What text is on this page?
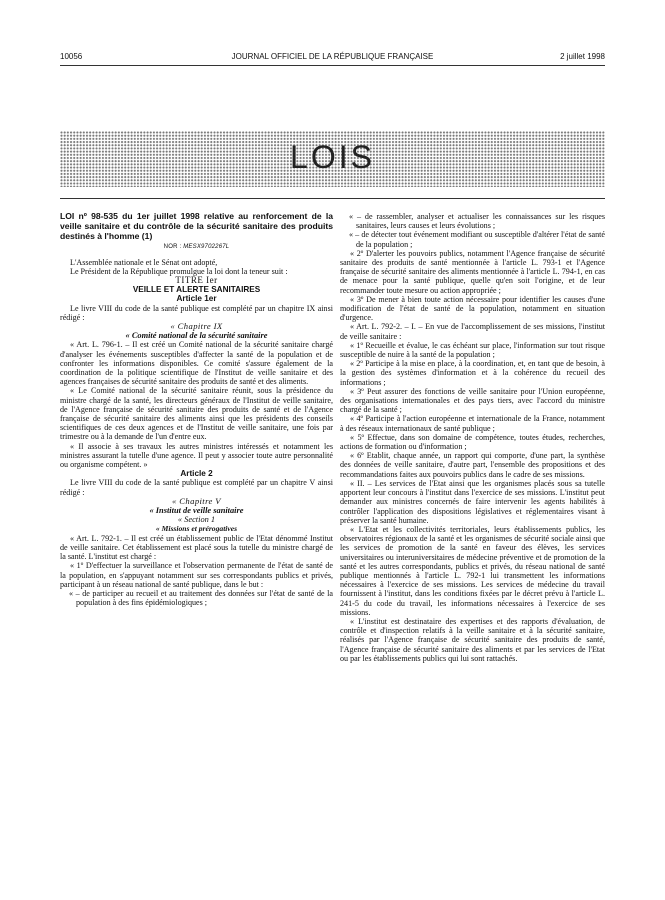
10056	JOURNAL OFFICIEL DE LA RÉPUBLIQUE FRANÇAISE	2 juillet 1998
LOIS

LOI nº 98-535 du 1er juillet 1998 relative au renforcement de la veille sanitaire et du contrôle de la sécurité sanitaire des produits destinés à l'homme (1)

NOR : MESX9702267L

L'Assemblée nationale et le Sénat ont adopté,

Le Président de la République promulgue la loi dont la teneur suit :

TITRE Ier

VEILLE ET ALERTE SANITAIRES

Article 1er

Le livre VIII du code de la santé publique est complété par un chapitre IX ainsi rédigé :

« Chapitre IX

« Comité national de la sécurité sanitaire

« Art. L. 796-1. – Il est créé un Comité national de la sécurité sanitaire chargé d'analyser les événements susceptibles d'affecter la santé de la population et de confronter les informations disponibles. Ce comité s'assure également de la coordination de la politique scientifique de l'Institut de veille sanitaire et des agences françaises de sécurité sanitaire des produits de santé et des aliments.

« Le Comité national de la sécurité sanitaire réunit, sous la présidence du ministre chargé de la santé, les directeurs généraux de l'Institut de veille sanitaire, de l'Agence française de sécurité sanitaire des produits de santé et de l'Agence française de sécurité sanitaire des aliments ainsi que les présidents des conseils scientifiques de ces deux agences et de l'Institut de veille sanitaire, une fois par trimestre ou à la demande de l'un d'entre eux.

« Il associe à ses travaux les autres ministres intéressés et notamment les ministres assurant la tutelle d'une agence. Il peut y associer toute autre personnalité ou organisme compétent. »

Article 2

Le livre VIII du code de la santé publique est complété par un chapitre V ainsi rédigé :

« Chapitre V

« Institut de veille sanitaire

« Section 1

« Missions et prérogatives

« Art. L. 792-1. – Il est créé un établissement public de l'Etat dénommé Institut de veille sanitaire. Cet établissement est placé sous la tutelle du ministre chargé de la santé. L'institut est chargé :

« 1º D'effectuer la surveillance et l'observation permanente de l'état de santé de la population, en s'appuyant notamment sur ses correspondants publics et privés, participant à un réseau national de santé publique, dans le but :

« – de participer au recueil et au traitement des données sur l'état de santé de la population à des fins épidémiologiques ;

« – de rassembler, analyser et actualiser les connaissances sur les risques sanitaires, leurs causes et leurs évolutions ;

« – de détecter tout événement modifiant ou susceptible d'altérer l'état de santé de la population ;

« 2º D'alerter les pouvoirs publics, notamment l'Agence française de sécurité sanitaire des produits de santé mentionnée à l'article L. 793-1 et l'Agence française de sécurité sanitaire des aliments mentionnée à l'article L. 794-1, en cas de menace pour la santé publique, quelle qu'en soit l'origine, et de leur recommander toute mesure ou action appropriée ;

« 3º De mener à bien toute action nécessaire pour identifier les causes d'une modification de l'état de santé de la population, notamment en situation d'urgence.

« Art. L. 792-2. – I. – En vue de l'accomplissement de ses missions, l'institut de veille sanitaire :

« 1º Recueille et évalue, le cas échéant sur place, l'information sur tout risque susceptible de nuire à la santé de la population ;

« 2º Participe à la mise en place, à la coordination, et, en tant que de besoin, à la gestion des systèmes d'information et à la cohérence du recueil des informations ;

« 3º Peut assurer des fonctions de veille sanitaire pour l'Union européenne, des organisations internationales et des pays tiers, avec l'accord du ministre chargé de la santé ;

« 4º Participe à l'action européenne et internationale de la France, notamment à des réseaux internationaux de santé publique ;

« 5º Effectue, dans son domaine de compétence, toutes études, recherches, actions de formation ou d'information ;

« 6º Etablit, chaque année, un rapport qui comporte, d'une part, la synthèse des données de veille sanitaire, d'autre part, l'ensemble des propositions et des recommandations faites aux pouvoirs publics dans le cadre de ses missions.

« II. – Les services de l'Etat ainsi que les organismes placés sous sa tutelle apportent leur concours à l'institut dans l'exercice de ses missions. L'institut peut demander aux ministres concernés de faire intervenir les agents habilités à contrôler l'application des dispositions législatives et réglementaires visant à préserver la santé humaine.

« L'Etat et les collectivités territoriales, leurs établissements publics, les observatoires régionaux de la santé et les organismes de sécurité sociale ainsi que les services de promotion de la santé en faveur des élèves, les services universitaires ou interuniversitaires de médecine préventive et de promotion de la santé et les autres correspondants, publics et privés, du réseau national de santé publique mentionnés à l'article L. 792-1 lui transmettent les informations nécessaires à l'exercice de ses missions. Les services de médecine du travail fournissent à l'institut, dans les conditions fixées par le décret prévu à l'article L. 241-5 du code du travail, les informations nécessaires à l'exercice de ses missions.

« L'institut est destinataire des expertises et des rapports d'évaluation, de contrôle et d'inspection relatifs à la veille sanitaire et à la sécurité sanitaire, réalisés par l'Agence française de sécurité sanitaire des produits de santé, l'Agence française de sécurité sanitaire des aliments et par les services de l'Etat ou par les établissements publics qui lui sont rattachés.
